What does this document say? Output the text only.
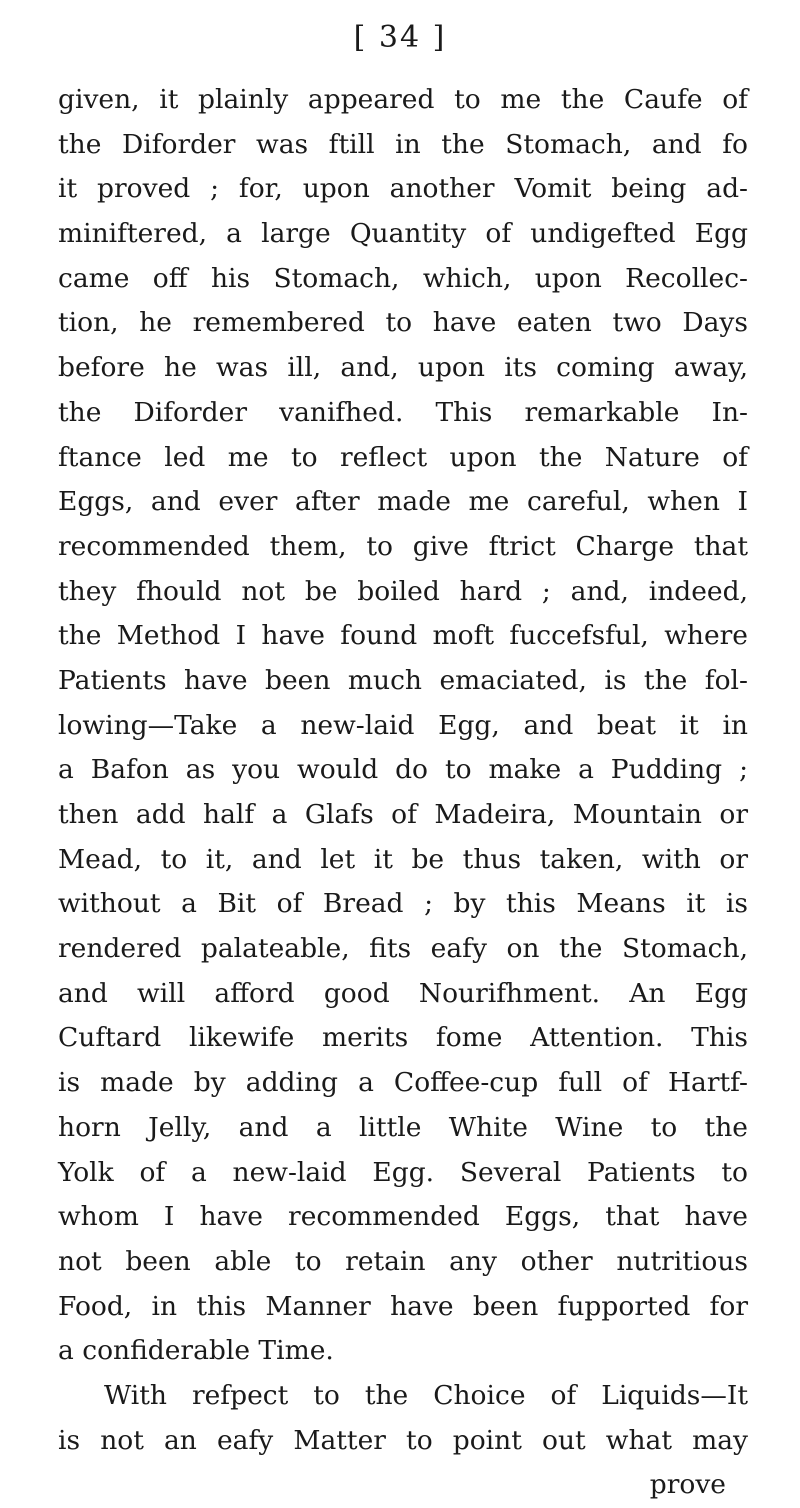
[ 34 ]
given, it plainly appeared to me the Caufe of
the Diforder was ftill in the Stomach, and fo
it proved ; for, upon another Vomit being ad-
miniftered, a large Quantity of undigefted Egg
came off his Stomach, which, upon Recollec-
tion, he remembered to have eaten two Days
before he was ill, and, upon its coming away,
the Diforder vanifhed. This remarkable In-
ftance led me to reflect upon the Nature of
Eggs, and ever after made me careful, when I
recommended them, to give ftrict Charge that
they fhould not be boiled hard ; and, indeed,
the Method I have found moft fuccefsful, where
Patients have been much emaciated, is the fol-
lowing—Take a new-laid Egg, and beat it in
a Bafon as you would do to make a Pudding ;
then add half a Glafs of Madeira, Mountain or
Mead, to it, and let it be thus taken, with or
without a Bit of Bread ; by this Means it is
rendered palateable, fits eafy on the Stomach,
and will afford good Nourifhment. An Egg
Cuftard likewife merits fome Attention. This
is made by adding a Coffee-cup full of Hartf-
horn Jelly, and a little White Wine to the
Yolk of a new-laid Egg. Several Patients to
whom I have recommended Eggs, that have
not been able to retain any other nutritious
Food, in this Manner have been fupported for
a confiderable Time.
With refpect to the Choice of Liquids—It
is not an eafy Matter to point out what may
prove
